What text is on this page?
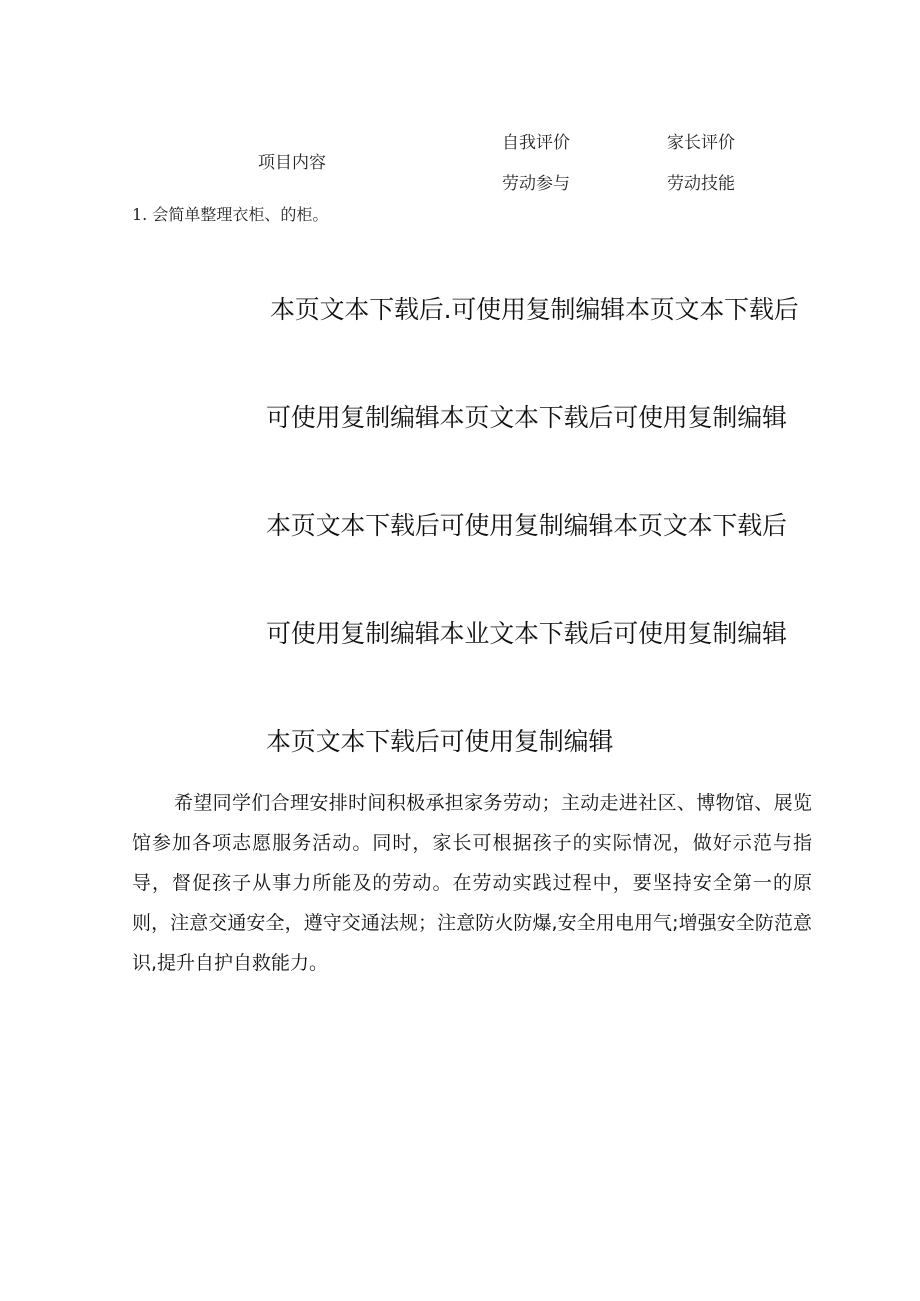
项目内容
自我评价	家长评价
劳动参与	劳动技能
1. 会简单整理衣柜、的柜。
本页文本下载后.可使用复制编辑本页文本下载后
可使用复制编辑本页文本下载后可使用复制编辑
本页文本下载后可使用复制编辑本页文本下载后
可使用复制编辑本业文本下载后可使用复制编辑
本页文本下载后可使用复制编辑
希望同学们合理安排时间积极承担家务劳动；主动走进社区、博物馆、展览馆参加各项志愿服务活动。同时，家长可根据孩子的实际情况，做好示范与指导，督促孩子从事力所能及的劳动。在劳动实践过程中，要坚持安全第一的原则，注意交通安全，遵守交通法规；注意防火防爆,安全用电用气;增强安全防范意识,提升自护自救能力。
